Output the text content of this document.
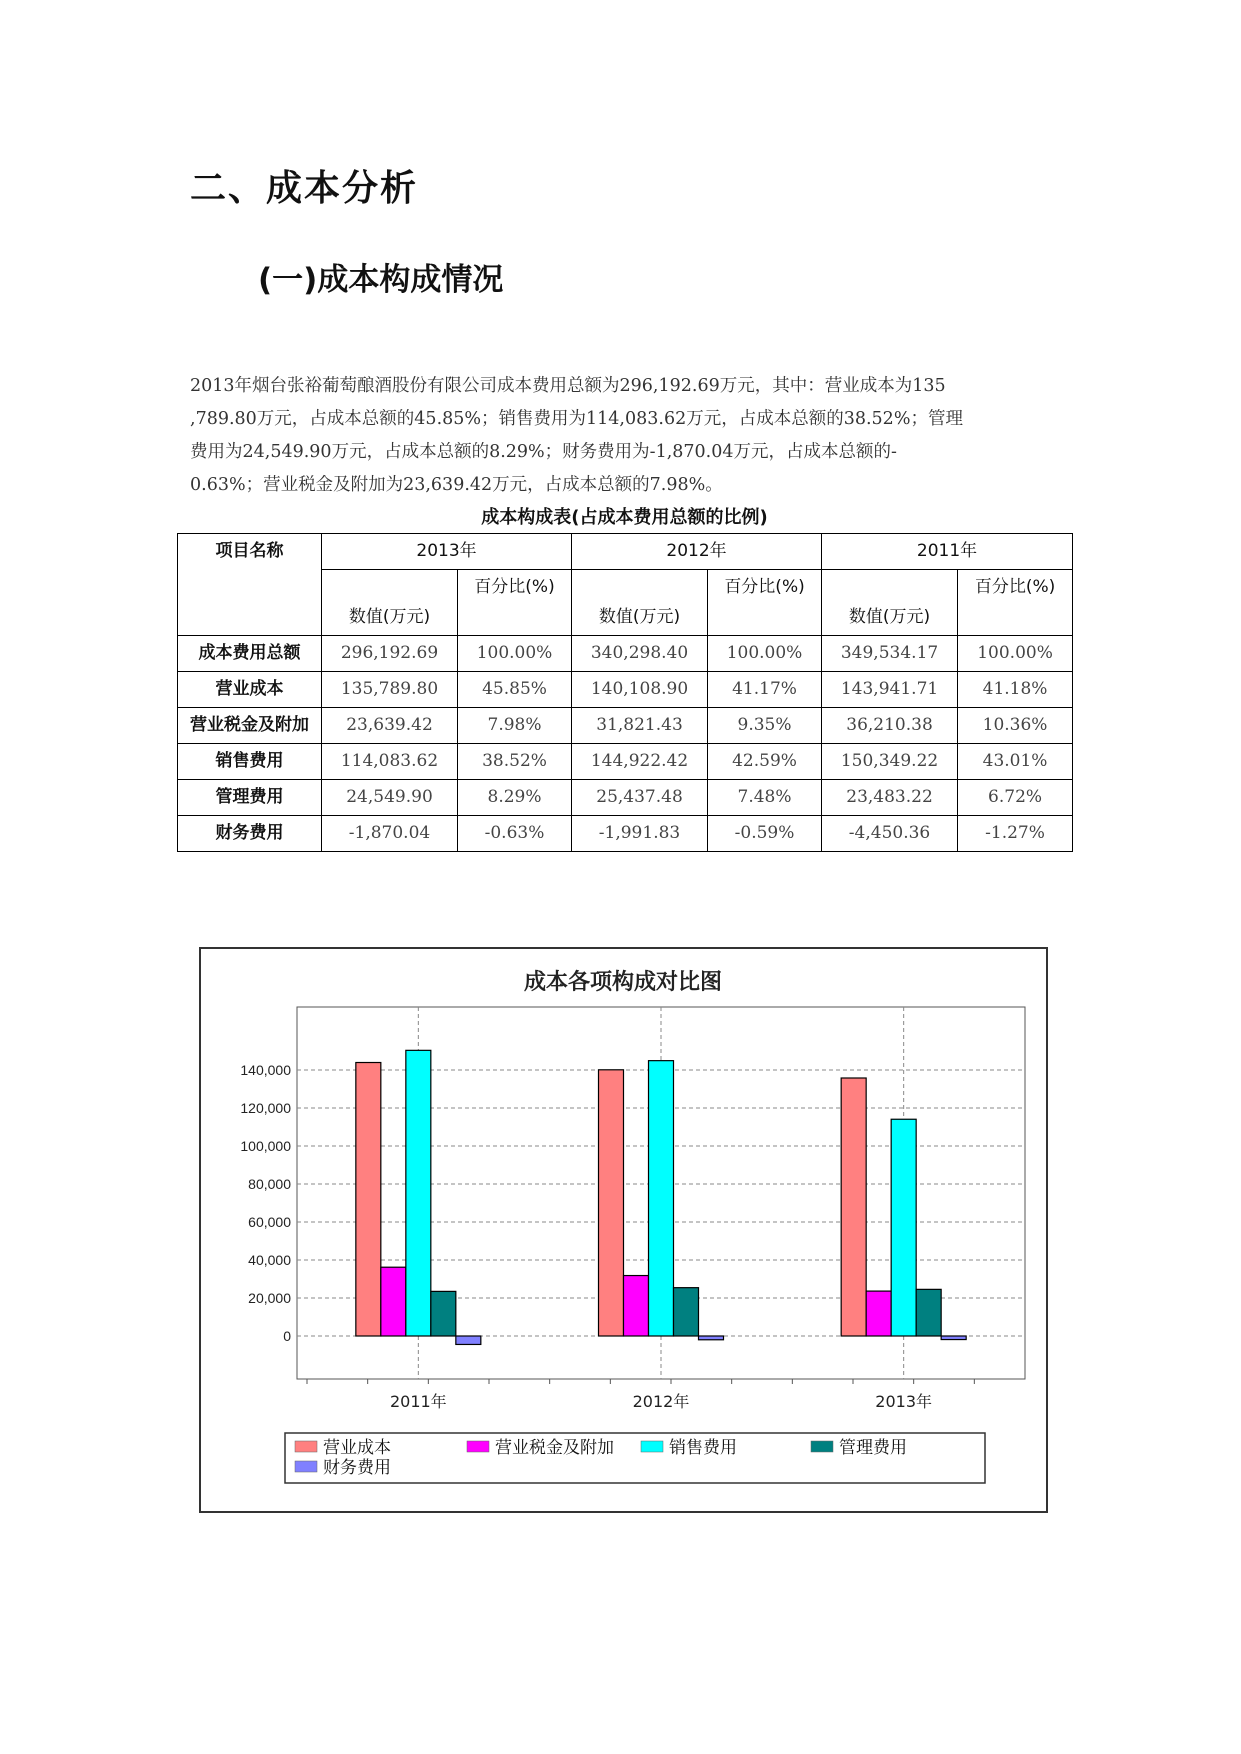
二、成本分析
(一)成本构成情况

2013年烟台张裕葡萄酿酒股份有限公司成本费用总额为296,192.69万元，其中：营业成本为135
,789.80万元，占成本总额的45.85%；销售费用为114,083.62万元，占成本总额的38.52%；管理
费用为24,549.90万元，占成本总额的8.29%；财务费用为-1,870.04万元，占成本总额的-
0.63%；营业税金及附加为23,639.42万元，占成本总额的7.98%。

成本构成表(占成本费用总额的比例)
项目名称	2013年		2012年		2011年	
	数值(万元)	百分比(%)	数值(万元)	百分比(%)	数值(万元)	百分比(%)
成本费用总额	296,192.69	100.00%	340,298.40	100.00%	349,534.17	100.00%
营业成本	135,789.80	45.85%	140,108.90	41.17%	143,941.71	41.18%
营业税金及附加	23,639.42	7.98%	31,821.43	9.35%	36,210.38	10.36%
销售费用	114,083.62	38.52%	144,922.42	42.59%	150,349.22	43.01%
管理费用	24,549.90	8.29%	25,437.48	7.48%	23,483.22	6.72%
财务费用	-1,870.04	-0.63%	-1,991.83	-0.59%	-4,450.36	-1.27%
成本各项构成对比图
0
20,000
40,000
60,000
80,000
100,000
120,000
140,000
2011年	2012年	2013年
营业成本	营业税金及附加	销售费用	管理费用
财务费用
